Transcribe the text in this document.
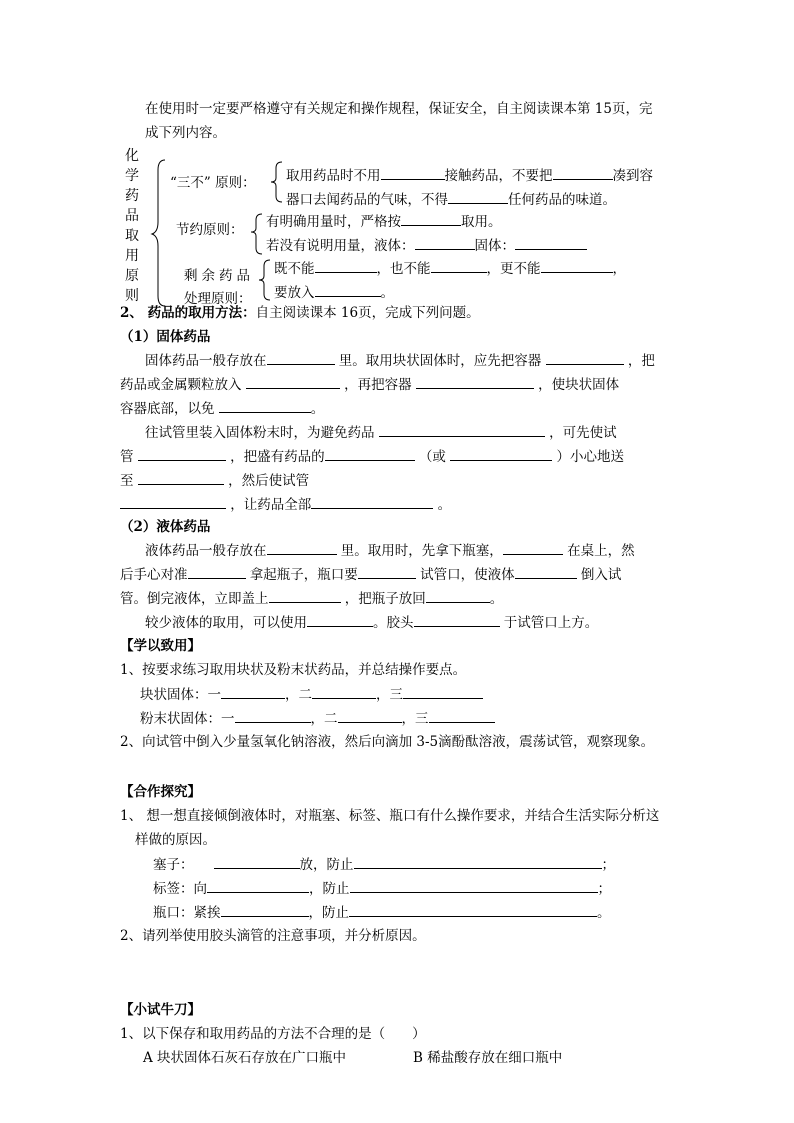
在使用时一定要严格遵守有关规定和操作规程，保证安全，自主阅读课本第 15页，完
成下列内容。
化
学
药
品
取
用
原
则
“三不” 原则： 取用药品时不用	接触药品，不要把	凑到容
器口去闻药品的气味，不得	任何药品的味道。
节约原则： 有明确用量时，严格按	取用。
若没有说明用量，液体：	固体：
剩余药品
处理原则：
既不能	，也不能	，更不能	，
要放入	。
2、 药品的取用方法：自主阅读课本 16页，完成下列问题。
（1）固体药品
固体药品一般存放在	里。取用块状固体时，应先把容器	，把
药品或金属颗粒放入	，再把容器	，使块状固体
容器底部，以免	。
往试管里装入固体粉末时，为避免药品	，可先使试
管	，把盛有药品的	（或	）小心地送
至	，然后使试管
，让药品全部	。
（2）液体药品
液体药品一般存放在	里。取用时，先拿下瓶塞，	在桌上，然
后手心对准	拿起瓶子，瓶口要	试管口，使液体	倒入试
管。倒完液体，立即盖上	，把瓶子放回	。
较少液体的取用，可以使用	。胶头	于试管口上方。
【学以致用】
1、按要求练习取用块状及粉末状药品，并总结操作要点。
块状固体：一	，二	，三
粉末状固体：一	，二	，三
2、向试管中倒入少量氢氧化钠溶液，然后向滴加 3-5滴酚酞溶液，震荡试管，观察现象。
【合作探究】
1、 想一想直接倾倒液体时，对瓶塞、标签、瓶口有什么操作要求，并结合生活实际分析这
样做的原因。
塞子：	放，防止	；
标签：向	，防止	；
瓶口：紧挨	，防止	。
2、请列举使用胶头滴管的注意事项，并分析原因。
【小试牛刀】
1、以下保存和取用药品的方法不合理的是（　　）
A 块状固体石灰石存放在广口瓶中	B 稀盐酸存放在细口瓶中
